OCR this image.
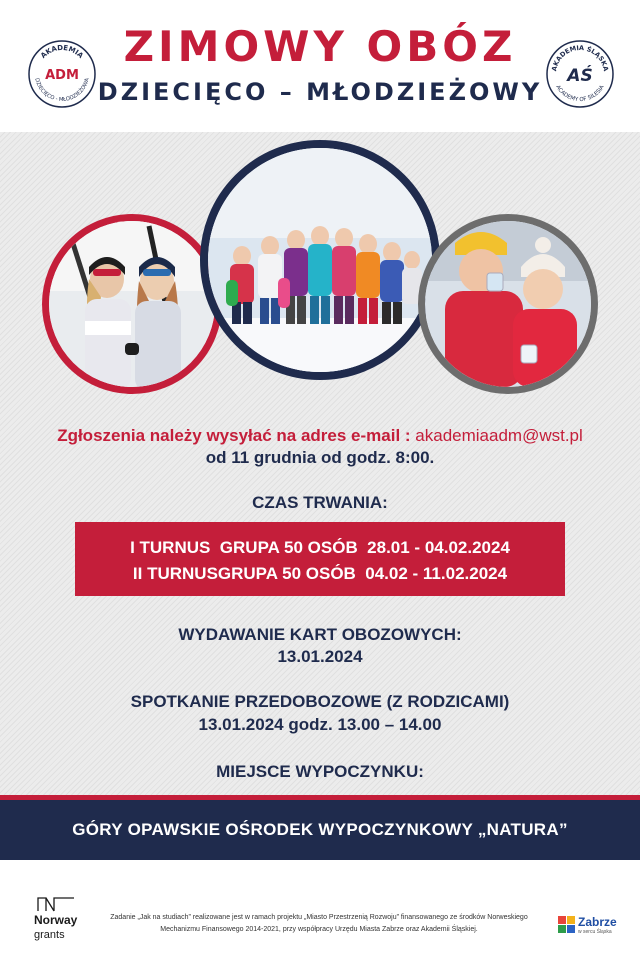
AKADEMIA
DZIECIĘCO - MŁODZIEŻOWA
ADM
ZIMOWY OBÓZ
DZIECIĘCO – MŁODZIEŻOWY
AKADEMIA ŚLĄSKA
ACADEMY OF SILESIA
AŚ
Zgłoszenia należy wysyłać na adres e-mail : akademiaadm@wst.pl
od 11 grudnia od godz. 8:00.
CZAS TRWANIA:
I TURNUS  GRUPA 50 OSÓB  28.01 - 04.02.2024
II TURNUSGRUPA 50 OSÓB  04.02 - 11.02.2024
WYDAWANIE KART OBOZOWYCH:
13.01.2024
SPOTKANIE PRZEDOBOZOWE (Z RODZICAMI)
13.01.2024 godz. 13.00 – 14.00
MIEJSCE WYPOCZYNKU:
GÓRY OPAWSKIE OŚRODEK WYPOCZYNKOWY „NATURA”
Norway
grants
Zadanie „Jak na studiach” realizowane jest w ramach projektu „Miasto Przestrzenią Rozwoju” finansowanego ze środków Norweskiego
Mechanizmu Finansowego 2014-2021, przy współpracy Urzędu Miasta Zabrze oraz Akademii Śląskiej.
Zabrze
w sercu Śląska
